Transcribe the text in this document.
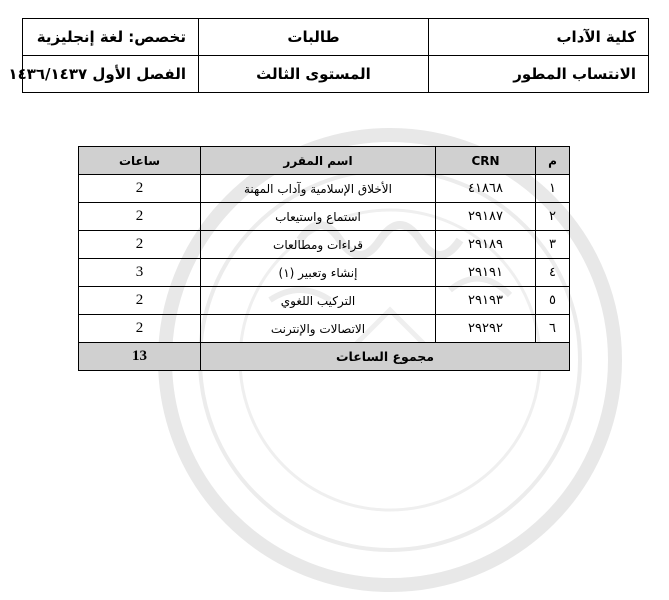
كلية الآداب	طالبات	تخصص: لغة إنجليزية
الانتساب المطور	المستوى الثالث	الفصل الأول ١٤٣٦/١٤٣٧
م	CRN	اسم المقرر	ساعات
١	٤١٨٦٨	الأخلاق الإسلامية وآداب المهنة	2
٢	٢٩١٨٧	استماع واستيعاب	2
٣	٢٩١٨٩	قراءات ومطالعات	2
٤	٢٩١٩١	إنشاء وتعبير (١)	3
٥	٢٩١٩٣	التركيب اللغوي	2
٦	٢٩٢٩٢	الاتصالات والإنترنت	2
مجموع الساعات			13
